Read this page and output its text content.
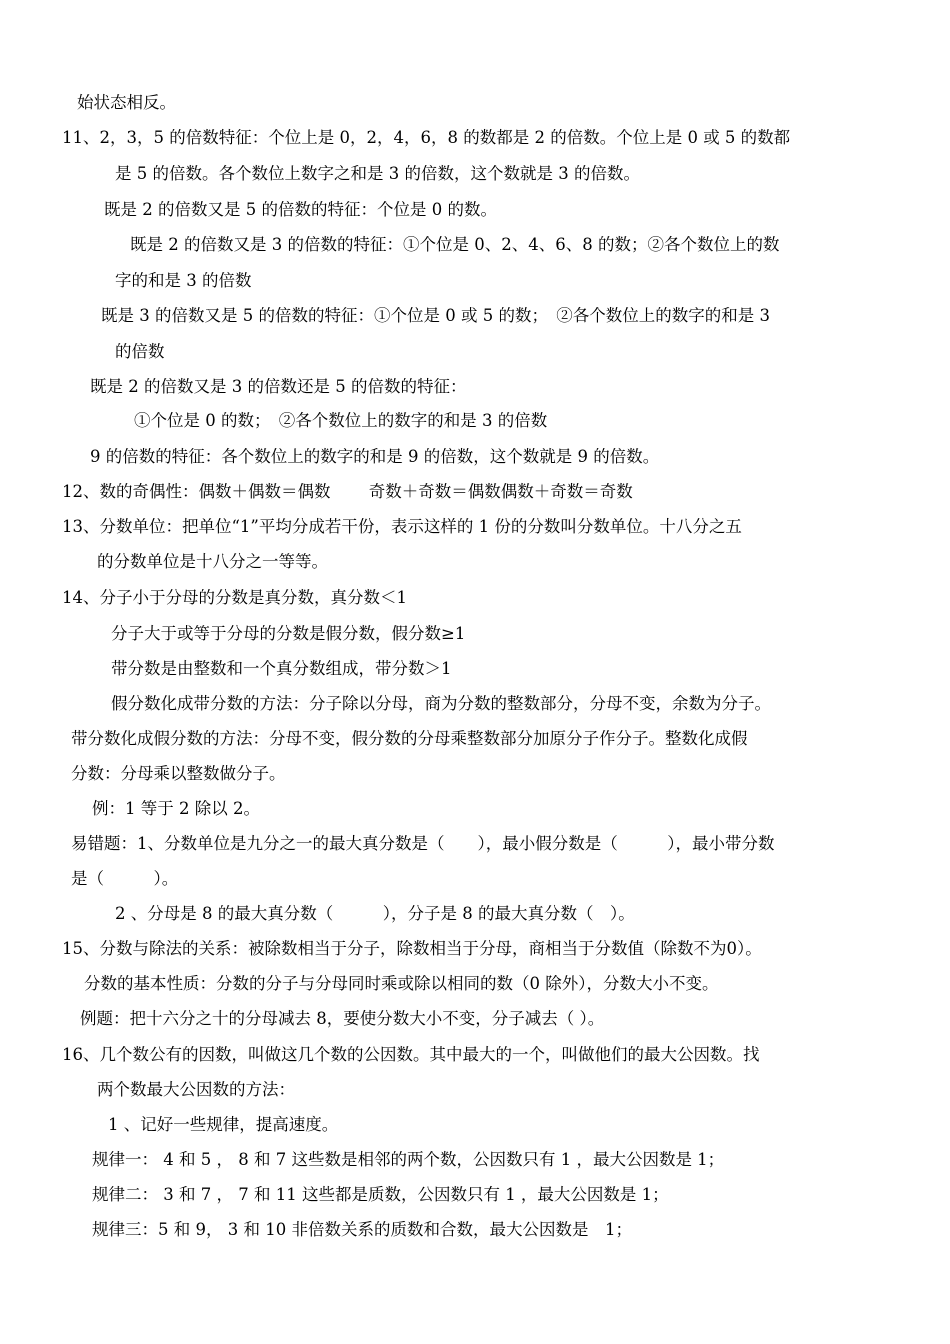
始状态相反。
11、2，3，5 的倍数特征：个位上是 0，2，4，6，8 的数都是 2 的倍数。个位上是 0 或 5 的数都
是 5 的倍数。各个数位上数字之和是 3 的倍数，这个数就是 3 的倍数。
既是 2 的倍数又是 5 的倍数的特征：个位是 0 的数。
既是 2 的倍数又是 3 的倍数的特征：①个位是 0、2、4、6、8 的数；②各个数位上的数
字的和是 3 的倍数
既是 3 的倍数又是 5 的倍数的特征：①个位是 0 或 5 的数；　②各个数位上的数字的和是 3
的倍数
既是 2 的倍数又是 3 的倍数还是 5 的倍数的特征：
①个位是 0 的数；　②各个数位上的数字的和是 3 的倍数
9 的倍数的特征：各个数位上的数字的和是 9 的倍数，这个数就是 9 的倍数。
12、数的奇偶性：偶数＋偶数＝偶数　　 奇数＋奇数＝偶数偶数＋奇数＝奇数
13、分数单位：把单位“1”平均分成若干份，表示这样的 1 份的分数叫分数单位。十八分之五
的分数单位是十八分之一等等。
14、分子小于分母的分数是真分数，真分数＜1
分子大于或等于分母的分数是假分数，假分数≥1
带分数是由整数和一个真分数组成，带分数＞1
假分数化成带分数的方法：分子除以分母，商为分数的整数部分，分母不变，余数为分子。
带分数化成假分数的方法：分母不变，假分数的分母乘整数部分加原分子作分子。整数化成假
分数：分母乘以整数做分子。
例：1 等于 2 除以 2。
易错题：1、分数单位是九分之一的最大真分数是（　　），最小假分数是（　　　），最小带分数
是（　　　）。
2 、分母是 8 的最大真分数（　　　），分子是 8 的最大真分数（　）。
15、分数与除法的关系：被除数相当于分子，除数相当于分母，商相当于分数值（除数不为0）。
分数的基本性质：分数的分子与分母同时乘或除以相同的数（0 除外），分数大小不变。
例题：把十六分之十的分母减去 8，要使分数大小不变，分子减去（ ）。
16、几个数公有的因数，叫做这几个数的公因数。其中最大的一个，叫做他们的最大公因数。找
两个数最大公因数的方法：
1 、记好一些规律，提高速度。
规律一： 4 和 5 ， 8 和 7 这些数是相邻的两个数，公因数只有 1 ，最大公因数是 1；
规律二： 3 和 7 ， 7 和 11 这些都是质数，公因数只有 1 ，最大公因数是 1；
规律三：5 和 9， 3 和 10 非倍数关系的质数和合数，最大公因数是　1；
